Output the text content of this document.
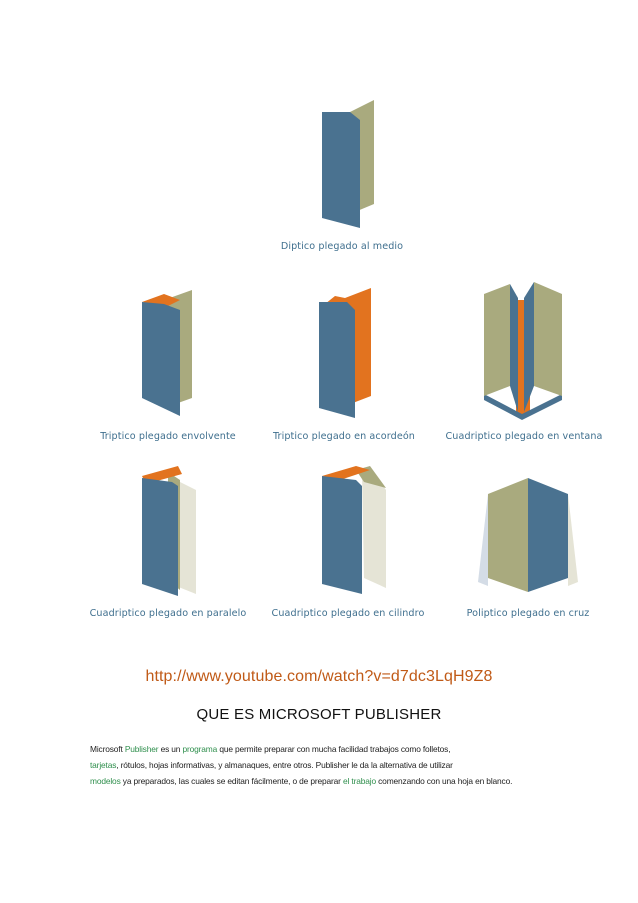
Diptico plegado al medio
Triptico plegado envolvente	Triptico plegado en acordeón	Cuadriptico plegado en ventana
Cuadriptico plegado en paralelo	Cuadriptico plegado en cilindro	Poliptico plegado en cruz
http://www.youtube.com/watch?v=d7dc3LqH9Z8
QUE ES MICROSOFT PUBLISHER
Microsoft Publisher es un programa que permite preparar con mucha facilidad trabajos como folletos,
tarjetas, rótulos, hojas informativas, y almanaques, entre otros. Publisher le da la alternativa de utilizar
modelos ya preparados, las cuales se editan fácilmente, o de preparar el trabajo comenzando con una hoja en blanco.
